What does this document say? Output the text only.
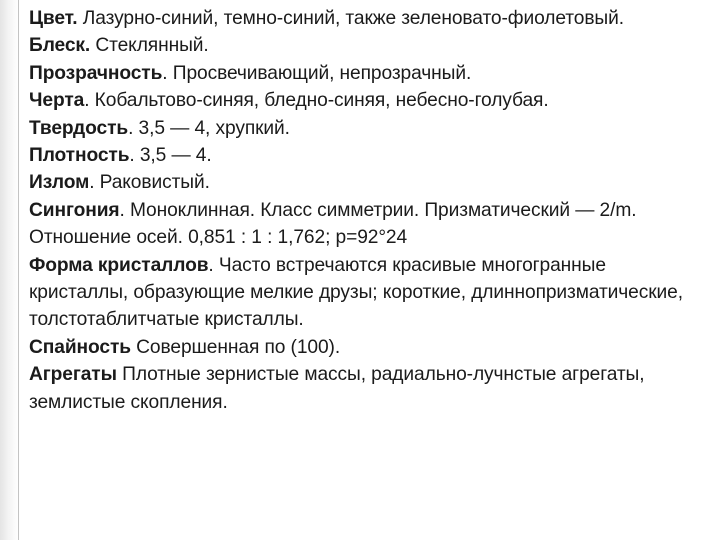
Цвет. Лазурно-синий, темно-синий, также зеленовато-фиолетовый.

Блеск. Стеклянный.

Прозрачность. Просвечивающий, непрозрачный.

Черта. Кобальтово-синяя, бледно-синяя, небесно-голубая.

Твердость. 3,5 — 4, хрупкий.

Плотность. 3,5 — 4.

Излом. Раковистый.

Сингония. Моноклинная. Класс симметрии. Призматический — 2/m. Отношение осей. 0,851 : 1 : 1,762; p=92°24

Форма кристаллов. Часто встречаются красивые многогранные кристаллы, образующие мелкие друзы; короткие, длиннопризматические, толстотаблитчатые кристаллы.

Спайность Совершенная по (100).

Агрегаты Плотные зернистые массы, радиально-лучнстые агрегаты, землистые скопления.
